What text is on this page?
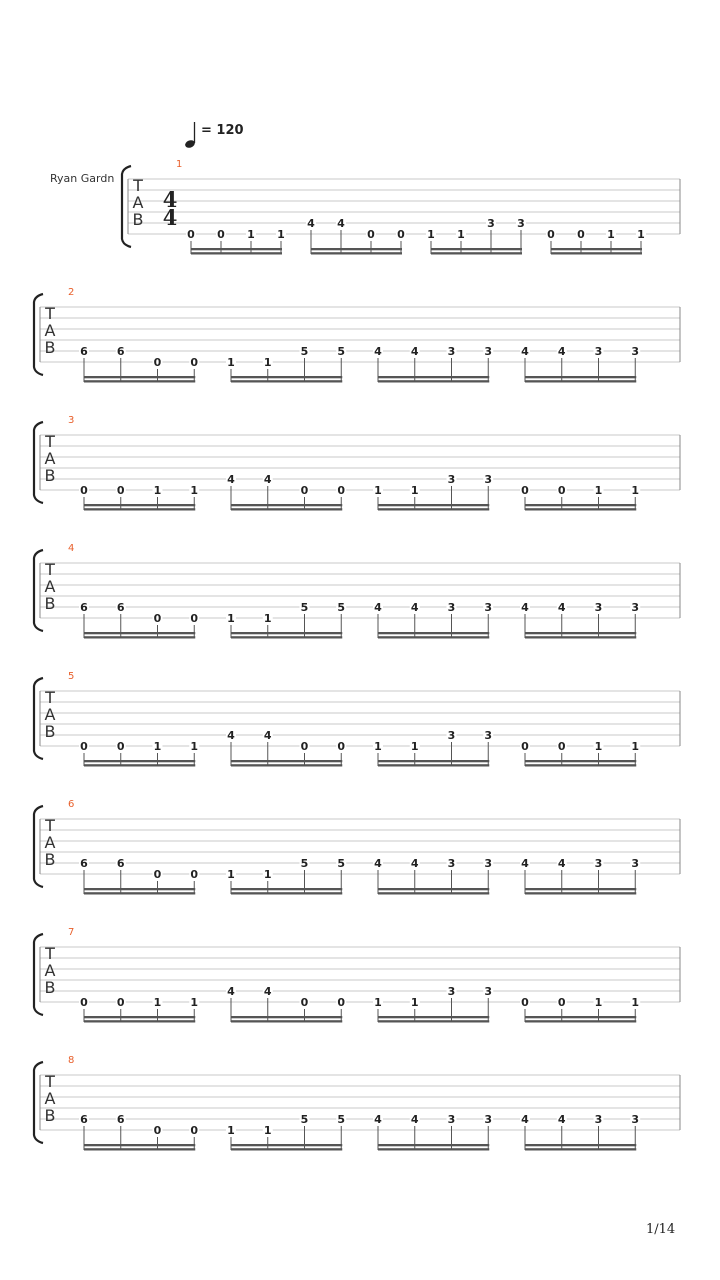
= 120
Ryan Gardn
1
T
A
B
4
4
0 0 1 1
4 4
0 0 1 1
3 3
0 0 1 1
2
T
A
B 6	6
0	0	1	1
5	5	4	4	3	3	4	4	3	3
3
T
A
B
0	0	1	1
4	4
0	0	1	1
3	3
0	0	1	1
4
T
A
B 6	6
0	0	1	1
5	5	4	4	3	3	4	4	3	3
5
T
A
B
0	0	1	1
4	4
0	0	1	1
3	3
0	0	1	1
6
T
A
B 6	6
0	0	1	1
5	5	4	4	3	3	4	4	3	3
7
T
A
B
0	0	1	1
4	4
0	0	1	1
3	3
0	0	1	1
8
T
A
B 6	6
0	0	1	1
5	5	4	4	3	3	4	4	3	3
1/14
